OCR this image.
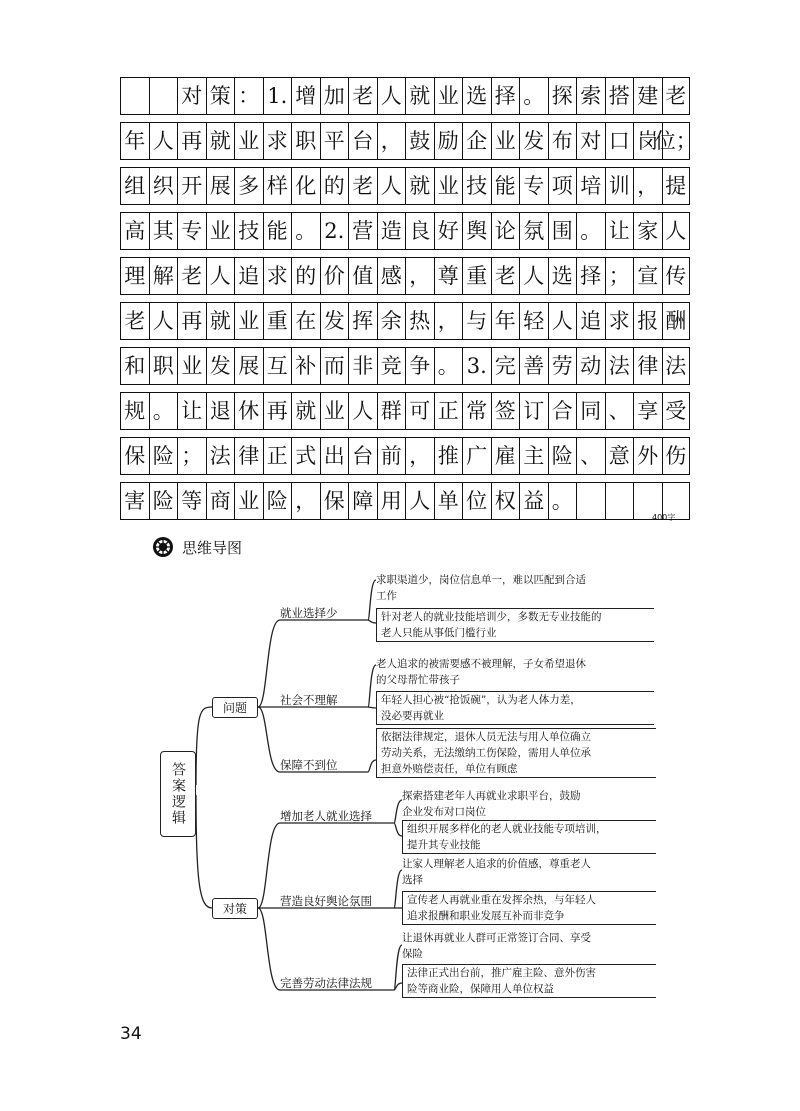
对 策 ： 1. 增 加 老 人 就 业 选 择 。 探 索 搭 建 老
年 人 再 就 业 求 职 平 台 ， 鼓 励 企 业 发 布 对 口 岗
位；
组 织 开 展 多 样 化 的 老 人 就 业 技 能 专 项 培 训 ， 提
高 其 专 业 技 能 。 2. 营 造 良 好 舆 论 氛 围 。 让 家 人
理 解 老 人 追 求 的 价 值 感 ， 尊 重 老 人 选 择 ； 宣 传
老 人 再 就 业 重 在 发 挥 余 热 ， 与 年 轻 人 追 求 报 酬
和 职 业 发 展 互 补 而 非 竞 争 。 3. 完 善 劳 动 法 律 法
规 。 让 退 休 再 就 业 人 群 可 正 常 签 订 合 同 、 享 受
保 险 ； 法 律 正 式 出 台 前 ， 推 广 雇 主 险 、 意 外 伤
害 险 等 商 业 险 ， 保 障 用 人 单 位 权 益 。
400字
思维导图
答案逻辑
问题
对策
就业选择少
社会不理解
保障不到位
增加老人就业选择
营造良好舆论氛围
完善劳动法律法规
求职渠道少，岗位信息单一，难以匹配到合适
工作
针对老人的就业技能培训少，多数无专业技能的
老人只能从事低门槛行业
老人追求的被需要感不被理解，子女希望退休
的父母帮忙带孩子
年轻人担心被“抢饭碗”，认为老人体力差，
没必要再就业
依据法律规定，退休人员无法与用人单位确立
劳动关系，无法缴纳工伤保险，需用人单位承
担意外赔偿责任，单位有顾虑
探索搭建老年人再就业求职平台，鼓励
企业发布对口岗位
组织开展多样化的老人就业技能专项培训，
提升其专业技能
让家人理解老人追求的价值感，尊重老人
选择
宣传老人再就业重在发挥余热，与年轻人
追求报酬和职业发展互补而非竞争
让退休再就业人群可正常签订合同、享受
保险
法律正式出台前，推广雇主险、意外伤害
险等商业险，保障用人单位权益
34
